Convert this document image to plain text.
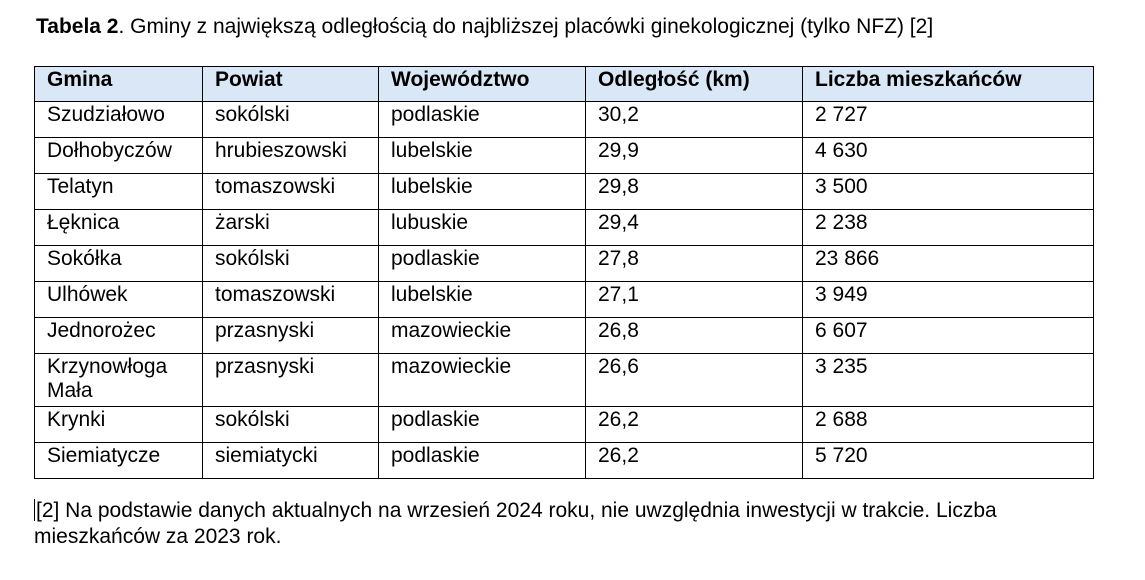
Tabela 2. Gminy z największą odległością do najbliższej placówki ginekologicznej (tylko NFZ) [2]
Gmina	Powiat	Województwo	Odległość (km)	Liczba mieszkańców
Szudziałowo	sokólski	podlaskie	30,2	2 727
Dołhobyczów	hrubieszowski	lubelskie	29,9	4 630
Telatyn	tomaszowski	lubelskie	29,8	3 500
Łęknica	żarski	lubuskie	29,4	2 238
Sokółka	sokólski	podlaskie	27,8	23 866
Ulhówek	tomaszowski	lubelskie	27,1	3 949
Jednorożec	przasnyski	mazowieckie	26,8	6 607
Krzynowłoga Mała	przasnyski	mazowieckie	26,6	3 235
Krynki	sokólski	podlaskie	26,2	2 688
Siemiatycze	siemiatycki	podlaskie	26,2	5 720
[2] Na podstawie danych aktualnych na wrzesień 2024 roku, nie uwzględnia inwestycji w trakcie. Liczba mieszkańców za 2023 rok.
